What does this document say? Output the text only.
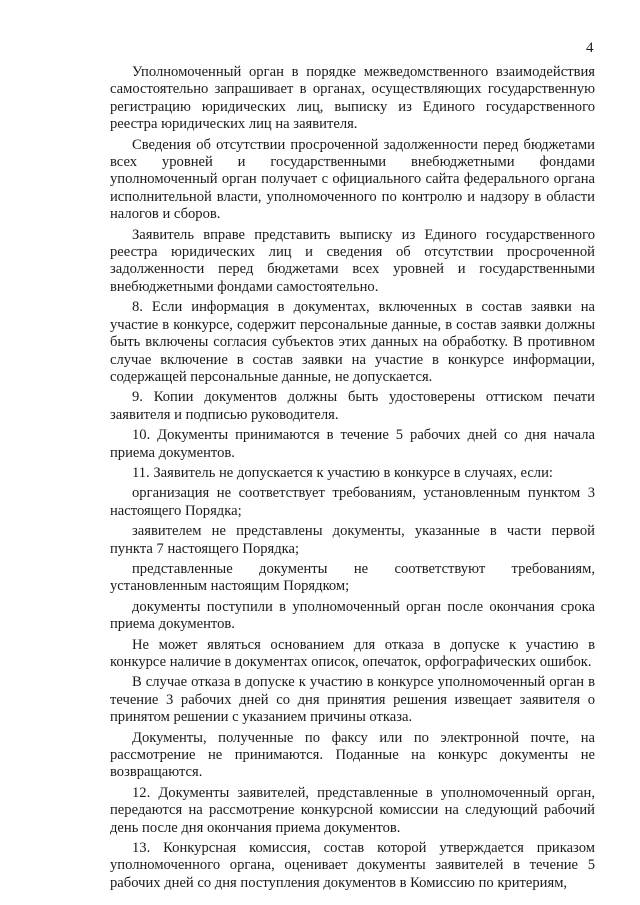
4

Уполномоченный орган в порядке межведомственного взаимодействия самостоятельно запрашивает в органах, осуществляющих государственную регистрацию юридических лиц, выписку из Единого государственного реестра юридических лиц на заявителя.

Сведения об отсутствии просроченной задолженности перед бюджетами всех уровней и государственными внебюджетными фондами уполномоченный орган получает с официального сайта федерального органа исполнительной власти, уполномоченного по контролю и надзору в области налогов и сборов.

Заявитель вправе представить выписку из Единого государственного реестра юридических лиц и сведения об отсутствии просроченной задолженности перед бюджетами всех уровней и государственными внебюджетными фондами самостоятельно.

8. Если информация в документах, включенных в состав заявки на участие в конкурсе, содержит персональные данные, в состав заявки должны быть включены согласия субъектов этих данных на обработку. В противном случае включение в состав заявки на участие в конкурсе информации, содержащей персональные данные, не допускается.

9. Копии документов должны быть удостоверены оттиском печати заявителя и подписью руководителя.

10. Документы принимаются в течение 5 рабочих дней со дня начала приема документов.

11. Заявитель не допускается к участию в конкурсе в случаях, если:

организация не соответствует требованиям, установленным пунктом 3 настоящего Порядка;

заявителем не представлены документы, указанные в части первой пункта 7 настоящего Порядка;

представленные документы не соответствуют требованиям, установленным настоящим Порядком;

документы поступили в уполномоченный орган после окончания срока приема документов.

Не может являться основанием для отказа в допуске к участию в конкурсе наличие в документах описок, опечаток, орфографических ошибок.

В случае отказа в допуске к участию в конкурсе уполномоченный орган в течение 3 рабочих дней со дня принятия решения извещает заявителя о принятом решении с указанием причины отказа.

Документы, полученные по факсу или по электронной почте, на рассмотрение не принимаются. Поданные на конкурс документы не возвращаются.

12. Документы заявителей, представленные в уполномоченный орган, передаются на рассмотрение конкурсной комиссии на следующий рабочий день после дня окончания приема документов.

13. Конкурсная комиссия, состав которой утверждается приказом уполномоченного органа, оценивает документы заявителей в течение 5 рабочих дней со дня поступления документов в Комиссию по критериям,
